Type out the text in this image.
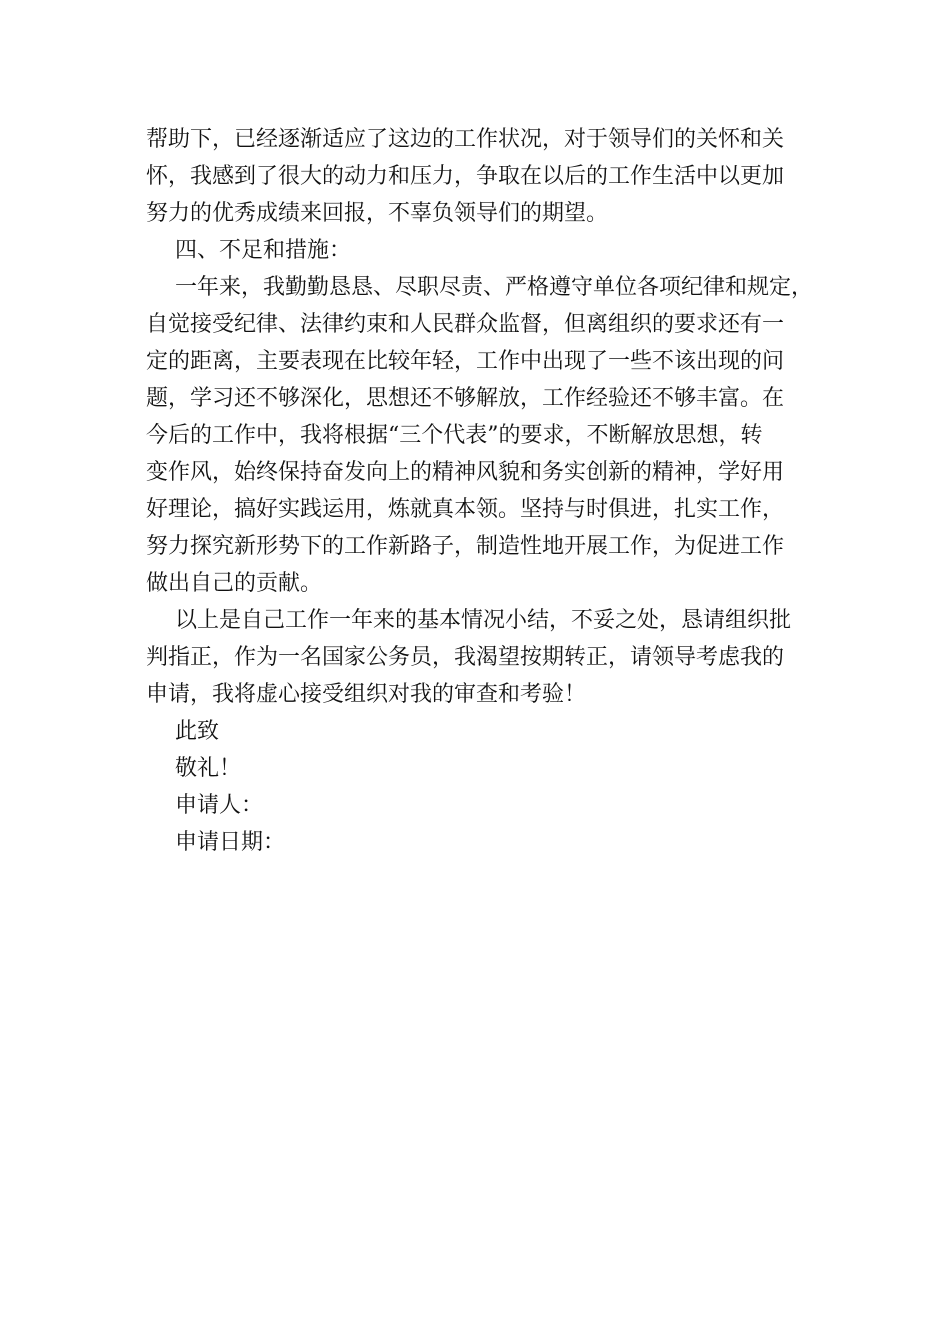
帮助下，已经逐渐适应了这边的工作状况，对于领导们的关怀和关

怀，我感到了很大的动力和压力，争取在以后的工作生活中以更加

努力的优秀成绩来回报，不辜负领导们的期望。

四、不足和措施：

一年来，我勤勤恳恳、尽职尽责、严格遵守单位各项纪律和规定，

自觉接受纪律、法律约束和人民群众监督，但离组织的要求还有一

定的距离，主要表现在比较年轻，工作中出现了一些不该出现的问

题，学习还不够深化，思想还不够解放，工作经验还不够丰富。在

今后的工作中，我将根据“三个代表”的要求，不断解放思想，转

变作风，始终保持奋发向上的精神风貌和务实创新的精神，学好用

好理论，搞好实践运用，炼就真本领。坚持与时俱进，扎实工作，

努力探究新形势下的工作新路子，制造性地开展工作，为促进工作

做出自己的贡献。

以上是自己工作一年来的基本情况小结，不妥之处，恳请组织批

判指正，作为一名国家公务员，我渴望按期转正，请领导考虑我的

申请，我将虚心接受组织对我的审查和考验！

此致

敬礼！

申请人：

申请日期：
